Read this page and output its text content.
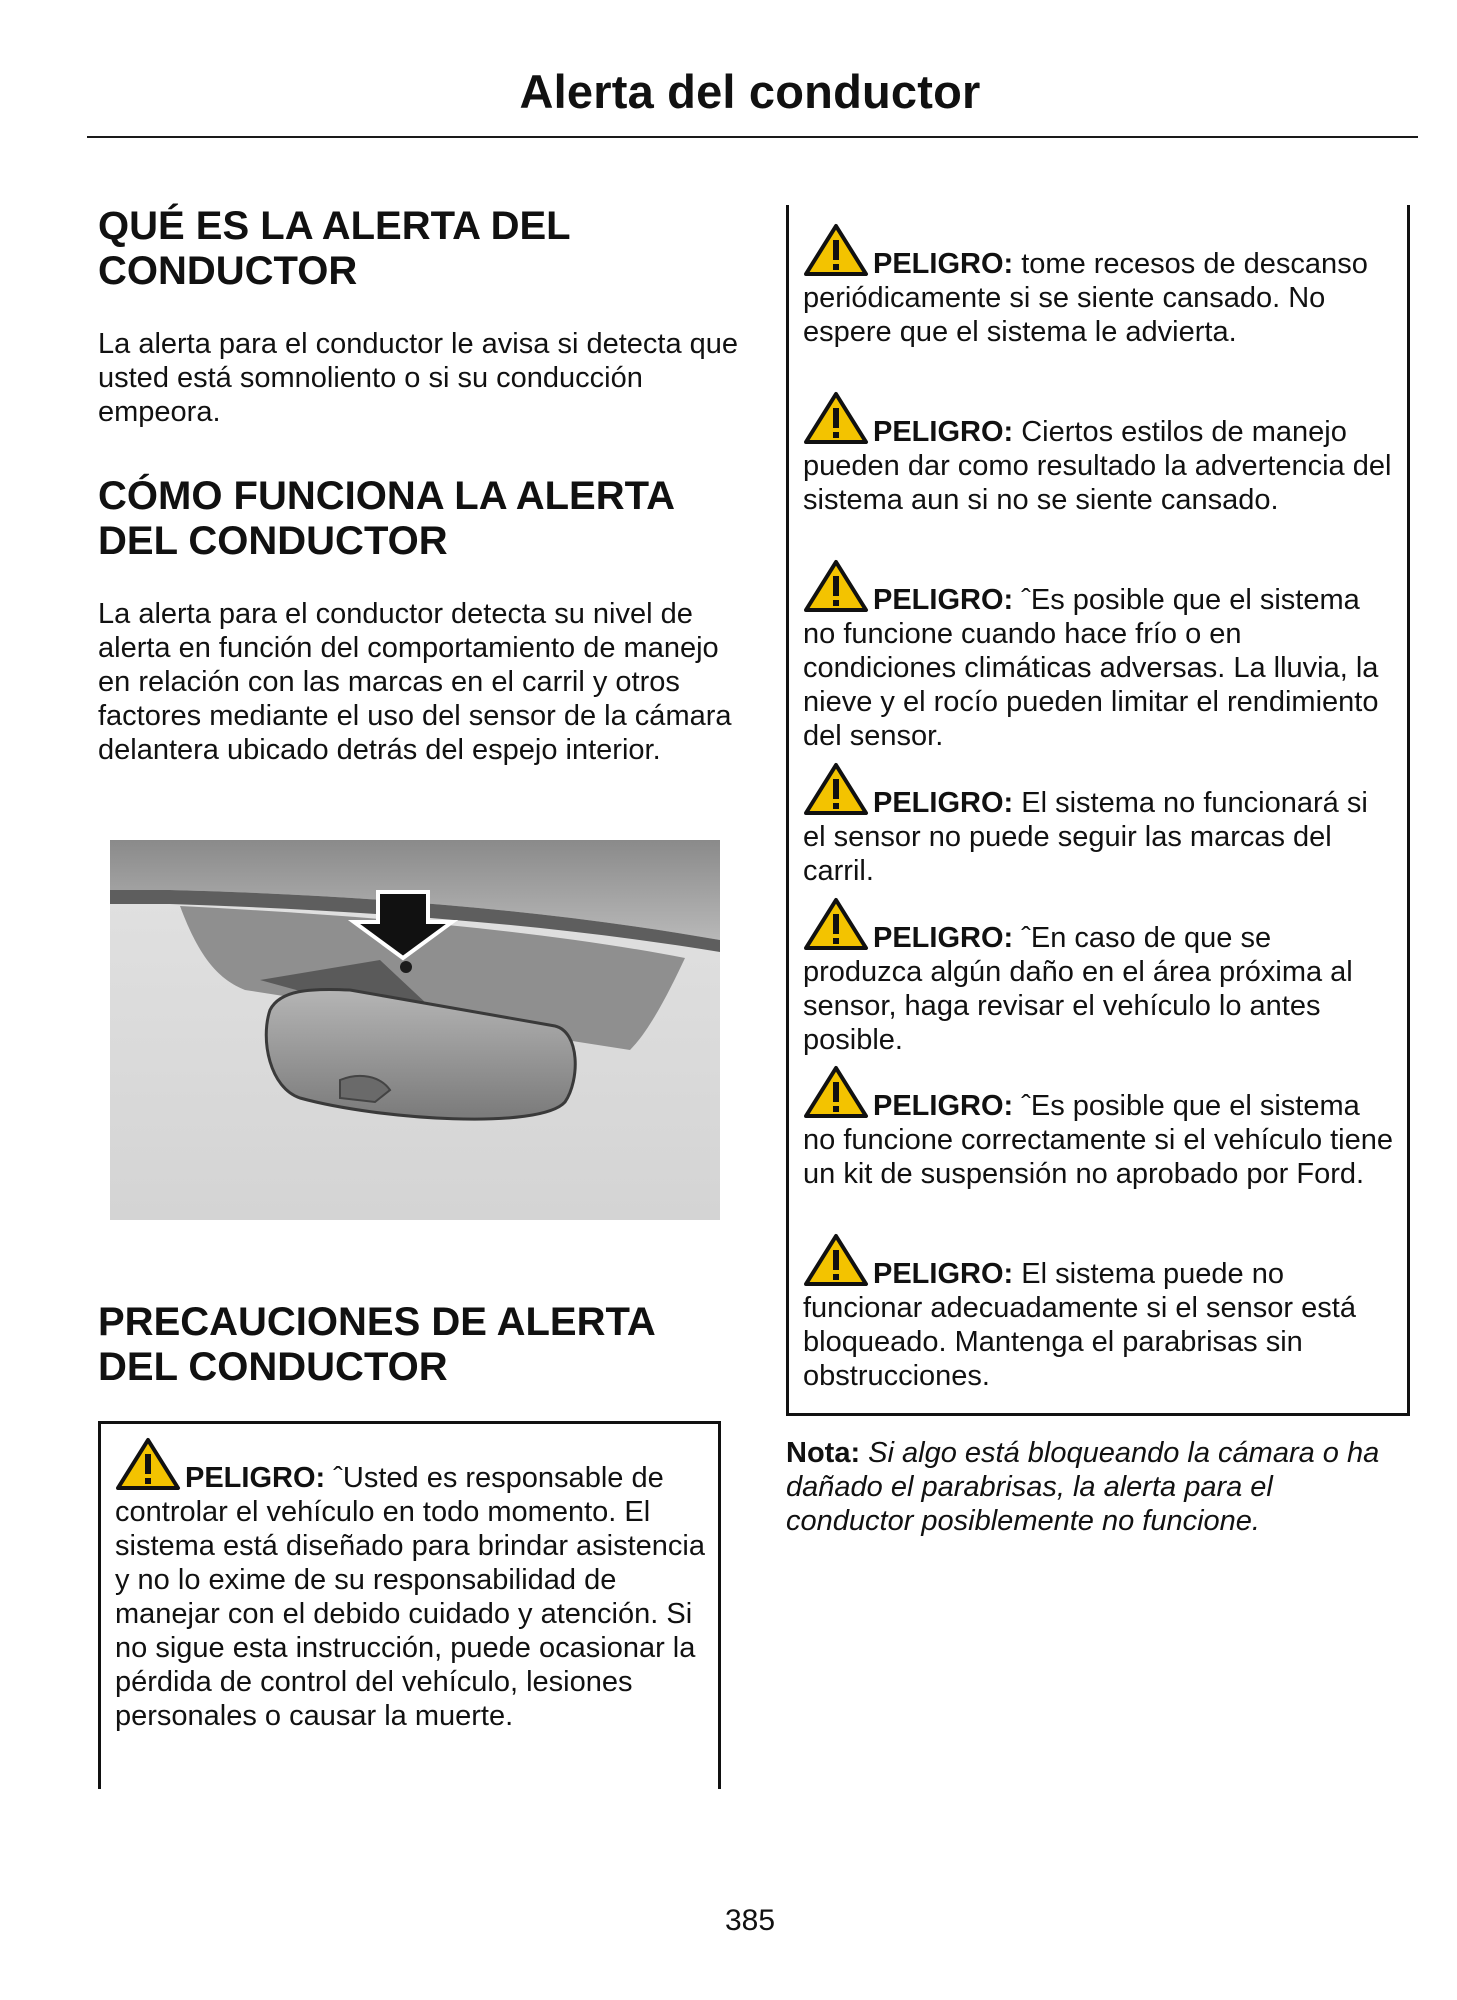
Alerta del conductor
QUÉ ES LA ALERTA DEL
CONDUCTOR
La alerta para el conductor le avisa si detecta que usted está somnoliento o si su conducción empeora.
CÓMO FUNCIONA LA ALERTA
DEL CONDUCTOR
La alerta para el conductor detecta su nivel de alerta en función del comportamiento de manejo en relación con las marcas en el carril y otros factores mediante el uso del sensor de la cámara delantera ubicado detrás del espejo interior.
PRECAUCIONES DE ALERTA
DEL CONDUCTOR
PELIGRO: ˆUsted es responsable de controlar el vehículo en todo momento. El sistema está diseñado para brindar asistencia y no lo exime de su responsabilidad de manejar con el debido cuidado y atención. Si no sigue esta instrucción, puede ocasionar la pérdida de control del vehículo, lesiones personales o causar la muerte.
PELIGRO: tome recesos de descanso periódicamente si se siente cansado. No espere que el sistema le advierta.
PELIGRO: Ciertos estilos de manejo pueden dar como resultado la advertencia del sistema aun si no se siente cansado.
PELIGRO: ˆEs posible que el sistema no funcione cuando hace frío o en condiciones climáticas adversas. La lluvia, la nieve y el rocío pueden limitar el rendimiento del sensor.
PELIGRO: El sistema no funcionará si el sensor no puede seguir las marcas del carril.
PELIGRO: ˆEn caso de que se produzca algún daño en el área próxima al sensor, haga revisar el vehículo lo antes posible.
PELIGRO: ˆEs posible que el sistema no funcione correctamente si el vehículo tiene un kit de suspensión no aprobado por Ford.
PELIGRO: El sistema puede no funcionar adecuadamente si el sensor está bloqueado. Mantenga el parabrisas sin obstrucciones.
Nota: Si algo está bloqueando la cámara o ha dañado el parabrisas, la alerta para el conductor posiblemente no funcione.
385
